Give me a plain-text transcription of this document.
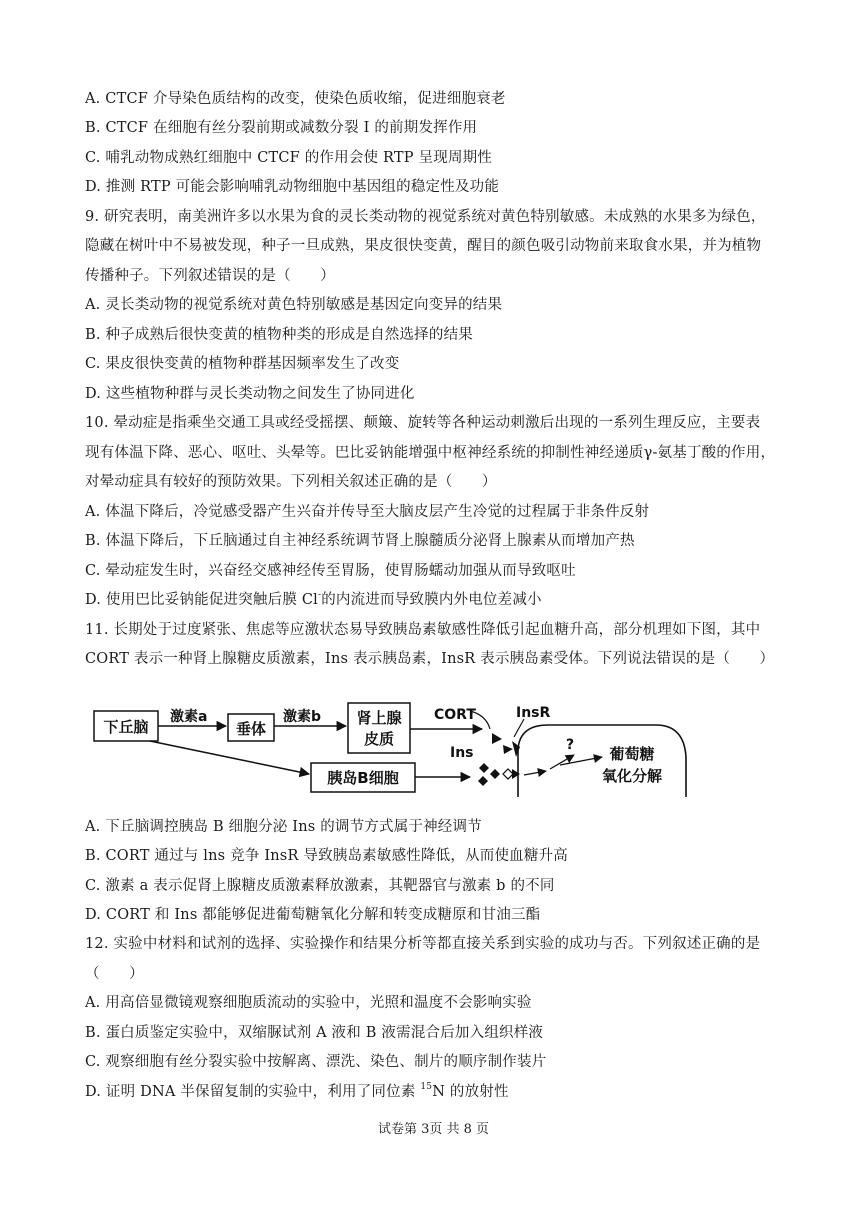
A. CTCF 介导染色质结构的改变，使染色质收缩，促进细胞衰老
B. CTCF 在细胞有丝分裂前期或减数分裂 Ⅰ 的前期发挥作用
C. 哺乳动物成熟红细胞中 CTCF 的作用会使 RTP 呈现周期性
D. 推测 RTP 可能会影响哺乳动物细胞中基因组的稳定性及功能
9. 研究表明，南美洲许多以水果为食的灵长类动物的视觉系统对黄色特别敏感。未成熟的水果多为绿色，
隐藏在树叶中不易被发现，种子一旦成熟，果皮很快变黄，醒目的颜色吸引动物前来取食水果，并为植物
传播种子。下列叙述错误的是（　　）
A. 灵长类动物的视觉系统对黄色特别敏感是基因定向变异的结果
B. 种子成熟后很快变黄的植物种类的形成是自然选择的结果
C. 果皮很快变黄的植物种群基因频率发生了改变
D. 这些植物种群与灵长类动物之间发生了协同进化
10. 晕动症是指乘坐交通工具或经受摇摆、颠簸、旋转等各种运动刺激后出现的一系列生理反应，主要表
现有体温下降、恶心、呕吐、头晕等。巴比妥钠能增强中枢神经系统的抑制性神经递质γ-氨基丁酸的作用，
对晕动症具有较好的预防效果。下列相关叙述正确的是（　　）
A. 体温下降后，冷觉感受器产生兴奋并传导至大脑皮层产生冷觉的过程属于非条件反射
B. 体温下降后，下丘脑通过自主神经系统调节肾上腺髓质分泌肾上腺素从而增加产热
C. 晕动症发生时，兴奋经交感神经传至胃肠，使胃肠蠕动加强从而导致呕吐
D. 使用巴比妥钠能促进突触后膜 Cl-的内流进而导致膜内外电位差减小
11. 长期处于过度紧张、焦虑等应激状态易导致胰岛素敏感性降低引起血糖升高，部分机理如下图，其中
CORT 表示一种肾上腺糖皮质激素，Ins 表示胰岛素，InsR 表示胰岛素受体。下列说法错误的是（　　）
下丘脑
激素a
垂体
激素b 肾上腺
皮质
胰岛B细胞
CORT	InsR
Ins	? 葡萄糖
氧化分解
A. 下丘脑调控胰岛 B 细胞分泌 Ins 的调节方式属于神经调节
B. CORT 通过与 lns 竞争 InsR 导致胰岛素敏感性降低，从而使血糖升高
C. 激素 a 表示促肾上腺糖皮质激素释放激素，其靶器官与激素 b 的不同
D. CORT 和 Ins 都能够促进葡萄糖氧化分解和转变成糖原和甘油三酯
12. 实验中材料和试剂的选择、实验操作和结果分析等都直接关系到实验的成功与否。下列叙述正确的是
（　　）
A. 用高倍显微镜观察细胞质流动的实验中，光照和温度不会影响实验
B. 蛋白质鉴定实验中，双缩脲试剂 A 液和 B 液需混合后加入组织样液
C. 观察细胞有丝分裂实验中按解离、漂洗、染色、制片的顺序制作装片
D. 证明 DNA 半保留复制的实验中，利用了同位素 $^{15}$N 的放射性
试卷第 3页 共 8 页
